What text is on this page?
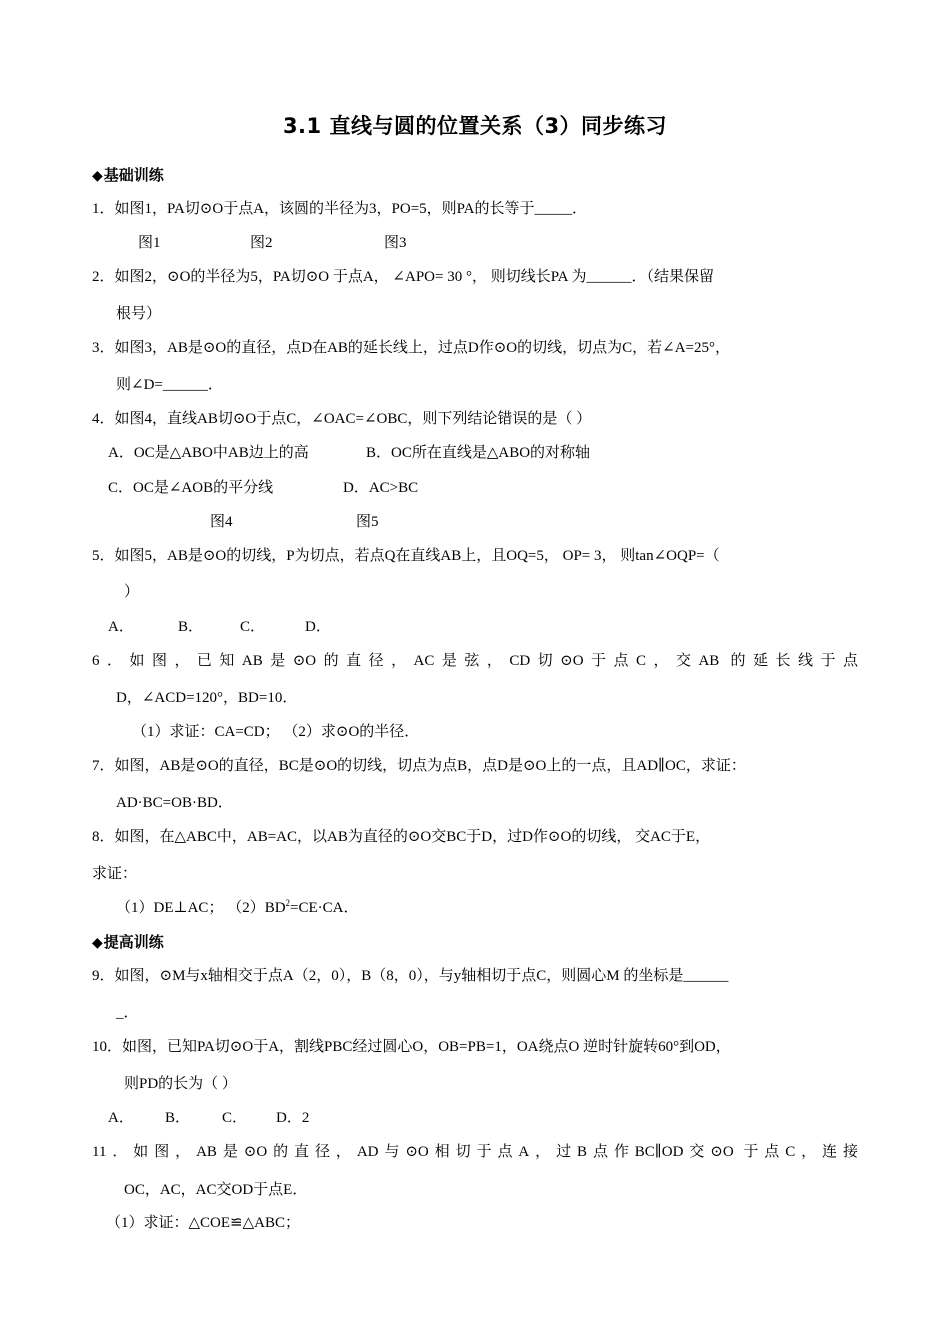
3.1 直线与圆的位置关系（3）同步练习
◆基础训练
1．如图1，PA切⊙O于点A，该圆的半径为3，PO=5，则PA的长等于_____．
图1	图2	图3
2．如图2，⊙O的半径为5，PA切⊙O 于点A， ∠APO= 30 °， 则切线长PA 为______．（结果保留
根号）
3．如图3，AB是⊙O的直径，点D在AB的延长线上，过点D作⊙O的切线，切点为C，若∠A=25°，
则∠D=______．
4．如图4，直线AB切⊙O于点C，∠OAC=∠OBC，则下列结论错误的是（ ）
A．OC是△ABO中AB边上的高	B．OC所在直线是△ABO的对称轴
C．OC是∠AOB的平分线	D．AC>BC
图4	图5
5．如图5，AB是⊙O的切线，P为切点，若点Q在直线AB上，且OQ=5， OP= 3， 则tan∠OQP=（
）
A．	B． C．	D．
6．如图，已知AB是⊙O的直径，AC是弦，CD切⊙O于点C，交AB 的延长线于点
D，∠ACD=120°，BD=10．
（1）求证：CA=CD； （2）求⊙O的半径．
7．如图，AB是⊙O的直径，BC是⊙O的切线，切点为点B，点D是⊙O上的一点，且AD∥OC，求证：
AD·BC=OB·BD．
8．如图，在△ABC中，AB=AC，以AB为直径的⊙O交BC于D，过D作⊙O的切线， 交AC于E，
求证：
（1）DE⊥AC； $(2)BD^2=CE\cdot CA$．
◆提高训练
9．如图，⊙M与x轴相交于点A（2，0），B（8，0），与y轴相切于点C，则圆心M 的坐标是______
_．
10．如图，已知PA切⊙O于A，割线PBC经过圆心O，OB=PB=1，OA绕点O 逆时针旋转60°到OD，
则PD的长为（ ）
A． B． C． D．2
11．如图，AB是⊙O的直径，AD与⊙O相切于点A，过B点作BC∥OD交⊙O 于点C，连接
OC，AC，AC交OD于点E．
（1）求证：△COE≌△ABC；
